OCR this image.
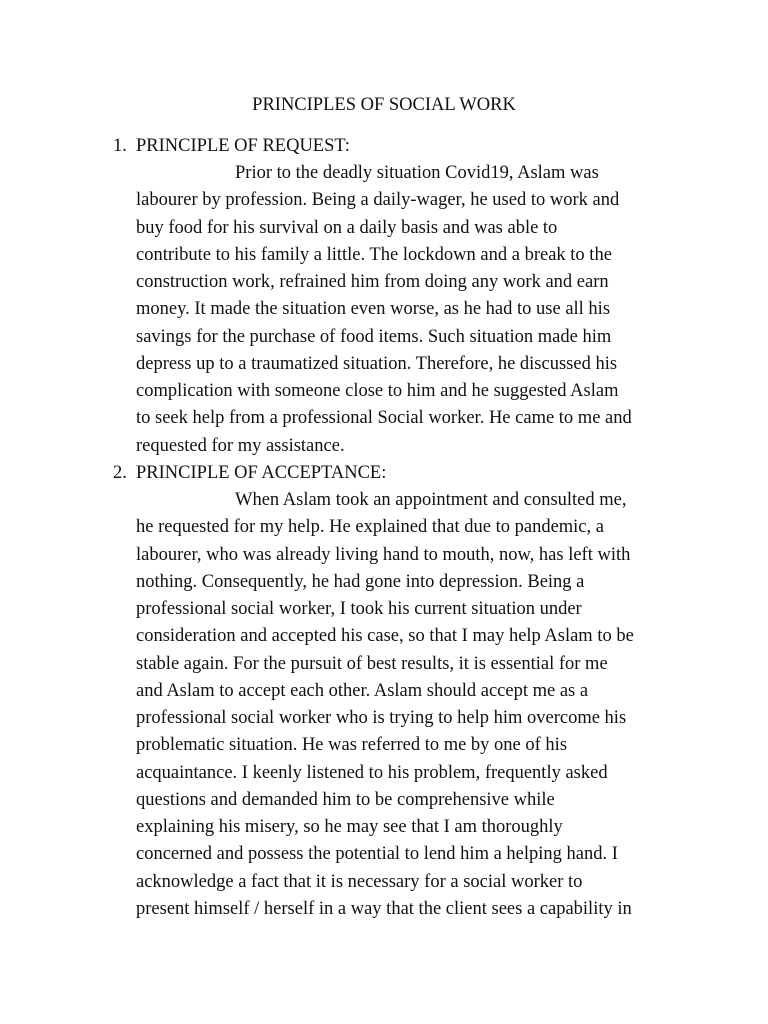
PRINCIPLES OF SOCIAL WORK
1. PRINCIPLE OF REQUEST:
Prior to the deadly situation Covid19, Aslam was
labourer by profession. Being a daily-wager, he used to work and
buy food for his survival on a daily basis and was able to
contribute to his family a little. The lockdown and a break to the
construction work, refrained him from doing any work and earn
money. It made the situation even worse, as he had to use all his
savings for the purchase of food items. Such situation made him
depress up to a traumatized situation. Therefore, he discussed his
complication with someone close to him and he suggested Aslam
to seek help from a professional Social worker. He came to me and
requested for my assistance.
2. PRINCIPLE OF ACCEPTANCE:
When Aslam took an appointment and consulted me,
he requested for my help. He explained that due to pandemic, a
labourer, who was already living hand to mouth, now, has left with
nothing. Consequently, he had gone into depression. Being a
professional social worker, I took his current situation under
consideration and accepted his case, so that I may help Aslam to be
stable again. For the pursuit of best results, it is essential for me
and Aslam to accept each other. Aslam should accept me as a
professional social worker who is trying to help him overcome his
problematic situation. He was referred to me by one of his
acquaintance. I keenly listened to his problem, frequently asked
questions and demanded him to be comprehensive while
explaining his misery, so he may see that I am thoroughly
concerned and possess the potential to lend him a helping hand. I
acknowledge a fact that it is necessary for a social worker to
present himself / herself in a way that the client sees a capability in
